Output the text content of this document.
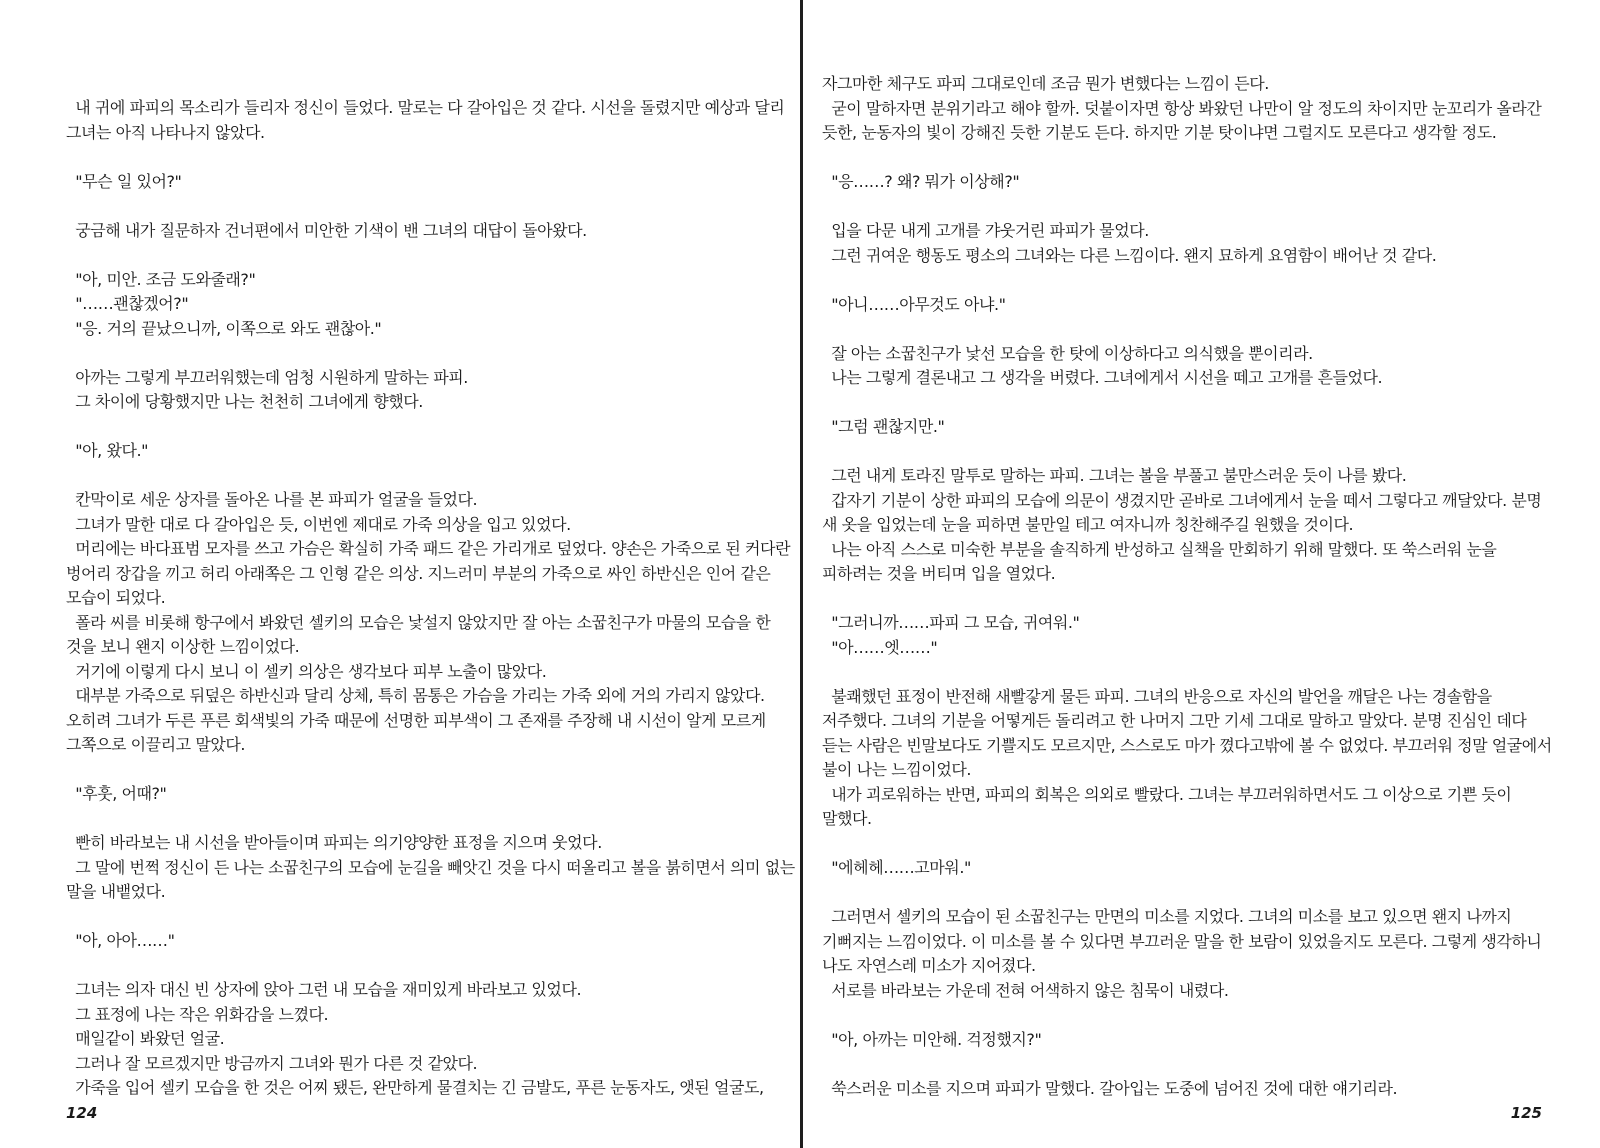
내 귀에 파피의 목소리가 들리자 정신이 들었다. 말로는 다 갈아입은 것 같다. 시선을 돌렸지만 예상과 달리
그녀는 아직 나타나지 않았다.

"무슨 일 있어?"

궁금해 내가 질문하자 건너편에서 미안한 기색이 밴 그녀의 대답이 돌아왔다.

"아, 미안. 조금 도와줄래?"
"……괜찮겠어?"
"응. 거의 끝났으니까, 이쪽으로 와도 괜찮아."

아까는 그렇게 부끄러워했는데 엄청 시원하게 말하는 파피.
그 차이에 당황했지만 나는 천천히 그녀에게 향했다.

"아, 왔다."

칸막이로 세운 상자를 돌아온 나를 본 파피가 얼굴을 들었다.
그녀가 말한 대로 다 갈아입은 듯, 이번엔 제대로 가죽 의상을 입고 있었다.
머리에는 바다표범 모자를 쓰고 가슴은 확실히 가죽 패드 같은 가리개로 덮었다. 양손은 가죽으로 된 커다란
벙어리 장갑을 끼고 허리 아래쪽은 그 인형 같은 의상. 지느러미 부분의 가죽으로 싸인 하반신은 인어 같은
모습이 되었다.
폴라 씨를 비롯해 항구에서 봐왔던 셀키의 모습은 낯설지 않았지만 잘 아는 소꿉친구가 마물의 모습을 한
것을 보니 왠지 이상한 느낌이었다.
거기에 이렇게 다시 보니 이 셀키 의상은 생각보다 피부 노출이 많았다.
대부분 가죽으로 뒤덮은 하반신과 달리 상체, 특히 몸통은 가슴을 가리는 가죽 외에 거의 가리지 않았다.
오히려 그녀가 두른 푸른 회색빛의 가죽 때문에 선명한 피부색이 그 존재를 주장해 내 시선이 알게 모르게
그쪽으로 이끌리고 말았다.

"후훗, 어때?"

빤히 바라보는 내 시선을 받아들이며 파피는 의기양양한 표정을 지으며 웃었다.
그 말에 번쩍 정신이 든 나는 소꿉친구의 모습에 눈길을 빼앗긴 것을 다시 떠올리고 볼을 붉히면서 의미 없는
말을 내뱉었다.

"아, 아아……"

그녀는 의자 대신 빈 상자에 앉아 그런 내 모습을 재미있게 바라보고 있었다.
그 표정에 나는 작은 위화감을 느꼈다.
매일같이 봐왔던 얼굴.
그러나 잘 모르겠지만 방금까지 그녀와 뭔가 다른 것 같았다.
가죽을 입어 셀키 모습을 한 것은 어찌 됐든, 완만하게 물결치는 긴 금발도, 푸른 눈동자도, 앳된 얼굴도,
124
자그마한 체구도 파피 그대로인데 조금 뭔가 변했다는 느낌이 든다.
굳이 말하자면 분위기라고 해야 할까. 덧붙이자면 항상 봐왔던 나만이 알 정도의 차이지만 눈꼬리가 올라간
듯한, 눈동자의 빛이 강해진 듯한 기분도 든다. 하지만 기분 탓이냐면 그럴지도 모른다고 생각할 정도.

"응……? 왜? 뭐가 이상해?"

입을 다문 내게 고개를 갸웃거린 파피가 물었다.
그런 귀여운 행동도 평소의 그녀와는 다른 느낌이다. 왠지 묘하게 요염함이 배어난 것 같다.

"아니……아무것도 아냐."

잘 아는 소꿉친구가 낯선 모습을 한 탓에 이상하다고 의식했을 뿐이리라.
나는 그렇게 결론내고 그 생각을 버렸다. 그녀에게서 시선을 떼고 고개를 흔들었다.

"그럼 괜찮지만."

그런 내게 토라진 말투로 말하는 파피. 그녀는 볼을 부풀고 불만스러운 듯이 나를 봤다.
갑자기 기분이 상한 파피의 모습에 의문이 생겼지만 곧바로 그녀에게서 눈을 떼서 그렇다고 깨달았다. 분명
새 옷을 입었는데 눈을 피하면 불만일 테고 여자니까 칭찬해주길 원했을 것이다.
나는 아직 스스로 미숙한 부분을 솔직하게 반성하고 실책을 만회하기 위해 말했다. 또 쑥스러워 눈을
피하려는 것을 버티며 입을 열었다.

"그러니까……파피 그 모습, 귀여워."
"아……엣……"

불쾌했던 표정이 반전해 새빨갛게 물든 파피. 그녀의 반응으로 자신의 발언을 깨달은 나는 경솔함을
저주했다. 그녀의 기분을 어떻게든 돌리려고 한 나머지 그만 기세 그대로 말하고 말았다. 분명 진심인 데다
듣는 사람은 빈말보다도 기쁠지도 모르지만, 스스로도 마가 꼈다고밖에 볼 수 없었다. 부끄러워 정말 얼굴에서
불이 나는 느낌이었다.
내가 괴로워하는 반면, 파피의 회복은 의외로 빨랐다. 그녀는 부끄러워하면서도 그 이상으로 기쁜 듯이
말했다.

"에헤헤……고마워."

그러면서 셀키의 모습이 된 소꿉친구는 만면의 미소를 지었다. 그녀의 미소를 보고 있으면 왠지 나까지
기뻐지는 느낌이었다. 이 미소를 볼 수 있다면 부끄러운 말을 한 보람이 있었을지도 모른다. 그렇게 생각하니
나도 자연스레 미소가 지어졌다.
서로를 바라보는 가운데 전혀 어색하지 않은 침묵이 내렸다.

"아, 아까는 미안해. 걱정했지?"

쑥스러운 미소를 지으며 파피가 말했다. 갈아입는 도중에 넘어진 것에 대한 얘기리라.
125
